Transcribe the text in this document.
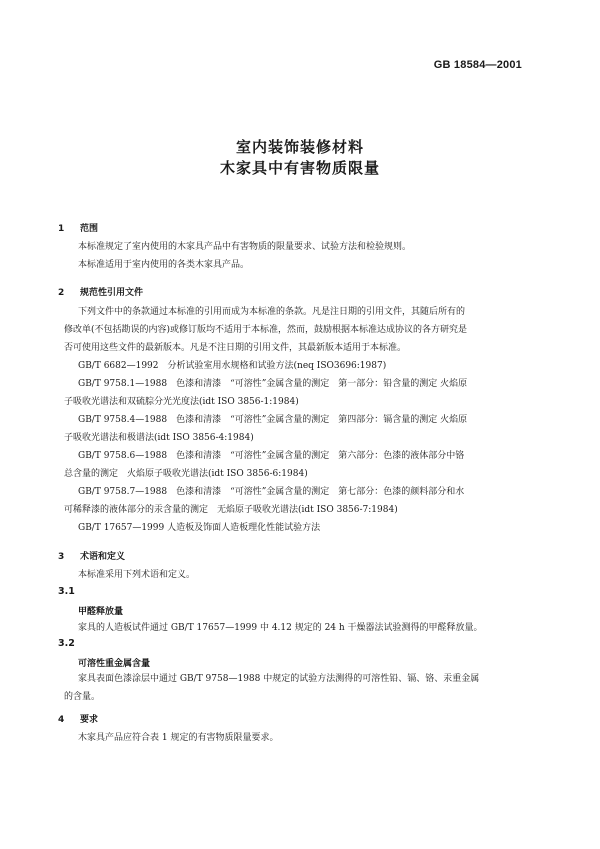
GB 18584—2001
室内装饰装修材料
木家具中有害物质限量
1 范围
本标准规定了室内使用的木家具产品中有害物质的限量要求、试验方法和检验规则。
本标准适用于室内使用的各类木家具产品。
2 规范性引用文件
下列文件中的条款通过本标准的引用而成为本标准的条款。凡是注日期的引用文件，其随后所有的
修改单(不包括勘误的内容)或修订版均不适用于本标准，然而，鼓励根据本标准达成协议的各方研究是
否可使用这些文件的最新版本。凡是不注日期的引用文件，其最新版本适用于本标准。
GB/T 6682—1992　分析试验室用水规格和试验方法(neq ISO3696:1987)
GB/T 9758.1—1988　色漆和清漆　“可溶性”金属含量的测定　第一部分：铅含量的测定 火焰原
子吸收光谱法和双硫腙分光光度法(idt ISO 3856-1:1984)
GB/T 9758.4—1988　色漆和清漆　“可溶性”金属含量的测定　第四部分：镉含量的测定 火焰原
子吸收光谱法和极谱法(idt ISO 3856-4:1984)
GB/T 9758.6—1988　色漆和清漆　“可溶性”金属含量的测定　第六部分：色漆的液体部分中铬
总含量的测定　火焰原子吸收光谱法(idt ISO 3856-6:1984)
GB/T 9758.7—1988　色漆和清漆　“可溶性”金属含量的测定　第七部分：色漆的颜料部分和水
可稀释漆的液体部分的汞含量的测定　无焰原子吸收光谱法(idt ISO 3856-7:1984)
GB/T 17657—1999 人造板及饰面人造板理化性能试验方法
3 术语和定义
本标准采用下列术语和定义。
3.1
甲醛释放量
家具的人造板试件通过 GB/T 17657—1999 中 4.12 规定的 24 h 干燥器法试验测得的甲醛释放量。
3.2
可溶性重金属含量
家具表面色漆涂层中通过 GB/T 9758—1988 中规定的试验方法测得的可溶性铅、镉、铬、汞重金属
的含量。
4 要求
木家具产品应符合表 1 规定的有害物质限量要求。
